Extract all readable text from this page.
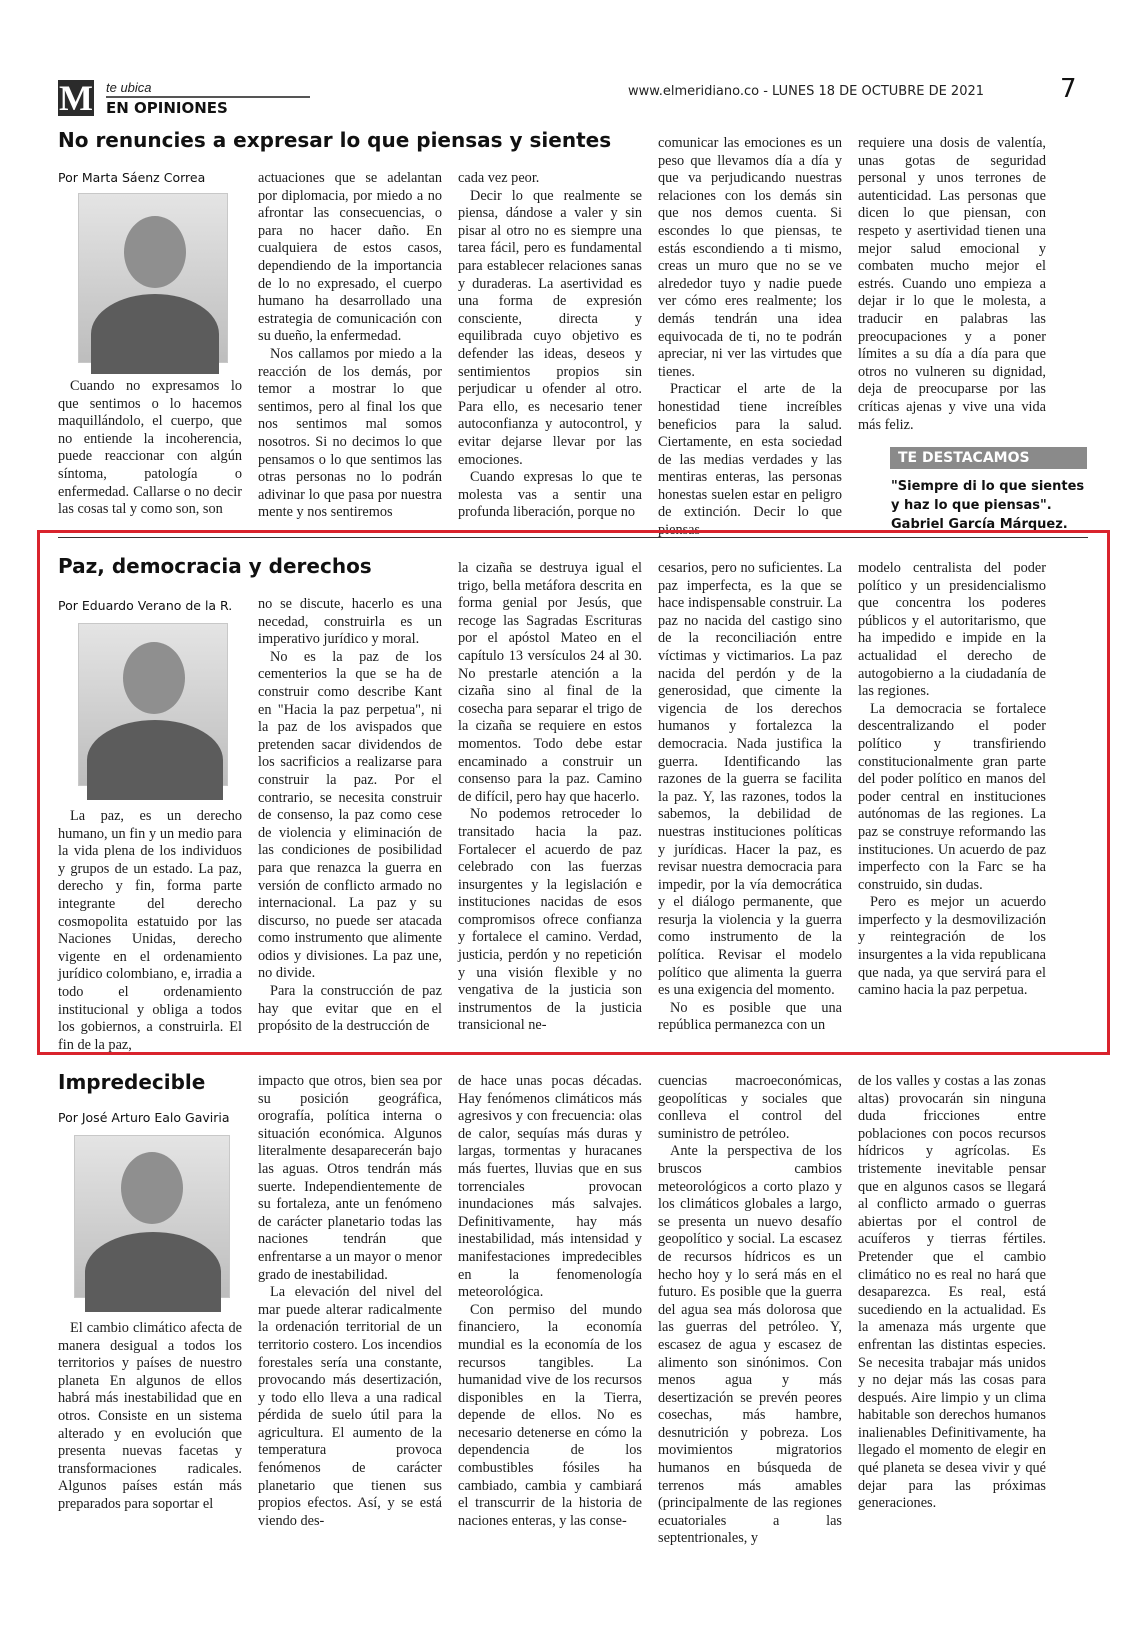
M te ubica
EN OPINIONES
www.elmeridiano.co - LUNES 18 DE OCTUBRE DE 2021	7
No renuncies a expresar lo que piensas y sientes
Por Marta Sáenz Correa

Cuando no expresamos lo que sentimos o lo hacemos maquillándolo, el cuerpo, que no entiende la incoherencia, puede reaccionar con algún síntoma, patología o enfermedad. Callarse o no decir las cosas tal y como son, son

actuaciones que se adelantan por diplomacia, por miedo a no afrontar las consecuencias, o para no hacer daño. En cualquiera de estos casos, dependiendo de la importancia de lo no expresado, el cuerpo humano ha desarrollado una estrategia de comunicación con su dueño, la enfermedad.

Nos callamos por miedo a la reacción de los demás, por temor a mostrar lo que sentimos, pero al final los que nos sentimos mal somos nosotros. Si no decimos lo que pensamos o lo que sentimos las otras personas no lo podrán adivinar lo que pasa por nuestra mente y nos sentiremos

cada vez peor.

Decir lo que realmente se piensa, dándose a valer y sin pisar al otro no es siempre una tarea fácil, pero es fundamental para establecer relaciones sanas y duraderas. La asertividad es una forma de expresión consciente, directa y equilibrada cuyo objetivo es defender las ideas, deseos y sentimientos propios sin perjudicar u ofender al otro. Para ello, es necesario tener autoconfianza y autocontrol, y evitar dejarse llevar por las emociones.

Cuando expresas lo que te molesta vas a sentir una profunda liberación, porque no

comunicar las emociones es un peso que llevamos día a día y que va perjudicando nuestras relaciones con los demás sin que nos demos cuenta. Si escondes lo que piensas, te estás escondiendo a ti mismo, creas un muro que no se ve alrededor tuyo y nadie puede ver cómo eres realmente; los demás tendrán una idea equivocada de ti, no te podrán apreciar, ni ver las virtudes que tienes.

Practicar el arte de la honestidad tiene increíbles beneficios para la salud. Ciertamente, en esta sociedad de las medias verdades y las mentiras enteras, las personas honestas suelen estar en peligro de extinción. Decir lo que piensas

requiere una dosis de valentía, unas gotas de seguridad personal y unos terrones de autenticidad. Las personas que dicen lo que piensan, con respeto y asertividad tienen una mejor salud emocional y combaten mucho mejor el estrés. Cuando uno empieza a dejar ir lo que le molesta, a traducir en palabras las preocupaciones y a poner límites a su día a día para que otros no vulneren su dignidad, deja de preocuparse por las críticas ajenas y vive una vida más feliz.

TE DESTACAMOS
"Siempre di lo que sientes y haz lo que piensas". Gabriel García Márquez.
Paz, democracia y derechos
Por Eduardo Verano de la R.

La paz, es un derecho humano, un fin y un medio para la vida plena de los individuos y grupos de un estado. La paz, derecho y fin, forma parte integrante del derecho cosmopolita estatuido por las Naciones Unidas, derecho vigente en el ordenamiento jurídico colombiano, e, irradia a todo el ordenamiento institucional y obliga a todos los gobiernos, a construirla. El fin de la paz,

no se discute, hacerlo es una necedad, construirla es un imperativo jurídico y moral.

No es la paz de los cementerios la que se ha de construir como describe Kant en "Hacia la paz perpetua", ni la paz de los avispados que pretenden sacar dividendos de los sacrificios a realizarse para construir la paz. Por el contrario, se necesita construir de consenso, la paz como cese de violencia y eliminación de las condiciones de posibilidad para que renazca la guerra en versión de conflicto armado no internacional. La paz y su discurso, no puede ser atacada como instrumento que alimente odios y divisiones. La paz une, no divide.

Para la construcción de paz hay que evitar que en el propósito de la destrucción de

la cizaña se destruya igual el trigo, bella metáfora descrita en forma genial por Jesús, que recoge las Sagradas Escrituras por el apóstol Mateo en el capítulo 13 versículos 24 al 30. No prestarle atención a la cizaña sino al final de la cosecha para separar el trigo de la cizaña se requiere en estos momentos. Todo debe estar encaminado a construir un consenso para la paz. Camino de difícil, pero hay que hacerlo.

No podemos retroceder lo transitado hacia la paz. Fortalecer el acuerdo de paz celebrado con las fuerzas insurgentes y la legislación e instituciones nacidas de esos compromisos ofrece confianza y fortalece el camino. Verdad, justicia, perdón y no repetición y una visión flexible y no vengativa de la justicia son instrumentos de la justicia transicional ne-

cesarios, pero no suficientes. La paz imperfecta, es la que se hace indispensable construir. La paz no nacida del castigo sino de la reconciliación entre víctimas y victimarios. La paz nacida del perdón y de la generosidad, que cimente la vigencia de los derechos humanos y fortalezca la democracia. Nada justifica la guerra. Identificando las razones de la guerra se facilita la paz. Y, las razones, todos la sabemos, la debilidad de nuestras instituciones políticas y jurídicas. Hacer la paz, es revisar nuestra democracia para impedir, por la vía democrática y el diálogo permanente, que resurja la violencia y la guerra como instrumento de la política. Revisar el modelo político que alimenta la guerra es una exigencia del momento.

No es posible que una república permanezca con un

modelo centralista del poder político y un presidencialismo que concentra los poderes públicos y el autoritarismo, que ha impedido e impide en la actualidad el derecho de autogobierno a la ciudadanía de las regiones.

La democracia se fortalece descentralizando el poder político y transfiriendo constitucionalmente gran parte del poder político en manos del poder central en instituciones autónomas de las regiones. La paz se construye reformando las instituciones. Un acuerdo de paz imperfecto con la Farc se ha construido, sin dudas.

Pero es mejor un acuerdo imperfecto y la desmovilización y reintegración de los insurgentes a la vida republicana que nada, ya que servirá para el camino hacia la paz perpetua.

Impredecible
Por José Arturo Ealo Gaviria

El cambio climático afecta de manera desigual a todos los territorios y países de nuestro planeta En algunos de ellos habrá más inestabilidad que en otros. Consiste en un sistema alterado y en evolución que presenta nuevas facetas y transformaciones radicales. Algunos países están más preparados para soportar el

impacto que otros, bien sea por su posición geográfica, orografía, política interna o situación económica. Algunos literalmente desaparecerán bajo las aguas. Otros tendrán más suerte. Independientemente de su fortaleza, ante un fenómeno de carácter planetario todas las naciones tendrán que enfrentarse a un mayor o menor grado de inestabilidad.

La elevación del nivel del mar puede alterar radicalmente la ordenación territorial de un territorio costero. Los incendios forestales sería una constante, provocando más desertización, y todo ello lleva a una radical pérdida de suelo útil para la agricultura. El aumento de la temperatura provoca fenómenos de carácter planetario que tienen sus propios efectos. Así, y se está viendo des-

de hace unas pocas décadas. Hay fenómenos climáticos más agresivos y con frecuencia: olas de calor, sequías más duras y largas, tormentas y huracanes más fuertes, lluvias que en sus torrenciales provocan inundaciones más salvajes. Definitivamente, hay más inestabilidad, más intensidad y manifestaciones impredecibles en la fenomenología meteorológica.

Con permiso del mundo financiero, la economía mundial es la economía de los recursos tangibles. La humanidad vive de los recursos disponibles en la Tierra, depende de ellos. No es necesario detenerse en cómo la dependencia de los combustibles fósiles ha cambiado, cambia y cambiará el transcurrir de la historia de naciones enteras, y las conse-

cuencias macroeconómicas, geopolíticas y sociales que conlleva el control del suministro de petróleo.

Ante la perspectiva de los bruscos cambios meteorológicos a corto plazo y los climáticos globales a largo, se presenta un nuevo desafío geopolítico y social. La escasez de recursos hídricos es un hecho hoy y lo será más en el futuro. Es posible que la guerra del agua sea más dolorosa que las guerras del petróleo. Y, escasez de agua y escasez de alimento son sinónimos. Con menos agua y más desertización se prevén peores cosechas, más hambre, desnutrición y pobreza. Los movimientos migratorios humanos en búsqueda de terrenos más amables (principalmente de las regiones ecuatoriales a las septentrionales, y

de los valles y costas a las zonas altas) provocarán sin ninguna duda fricciones entre poblaciones con pocos recursos hídricos y agrícolas. Es tristemente inevitable pensar que en algunos casos se llegará al conflicto armado o guerras abiertas por el control de acuíferos y tierras fértiles. Pretender que el cambio climático no es real no hará que desaparezca. Es real, está sucediendo en la actualidad. Es la amenaza más urgente que enfrentan las distintas especies. Se necesita trabajar más unidos y no dejar más las cosas para después. Aire limpio y un clima habitable son derechos humanos inalienables Definitivamente, ha llegado el momento de elegir en qué planeta se desea vivir y qué dejar para las próximas generaciones.
